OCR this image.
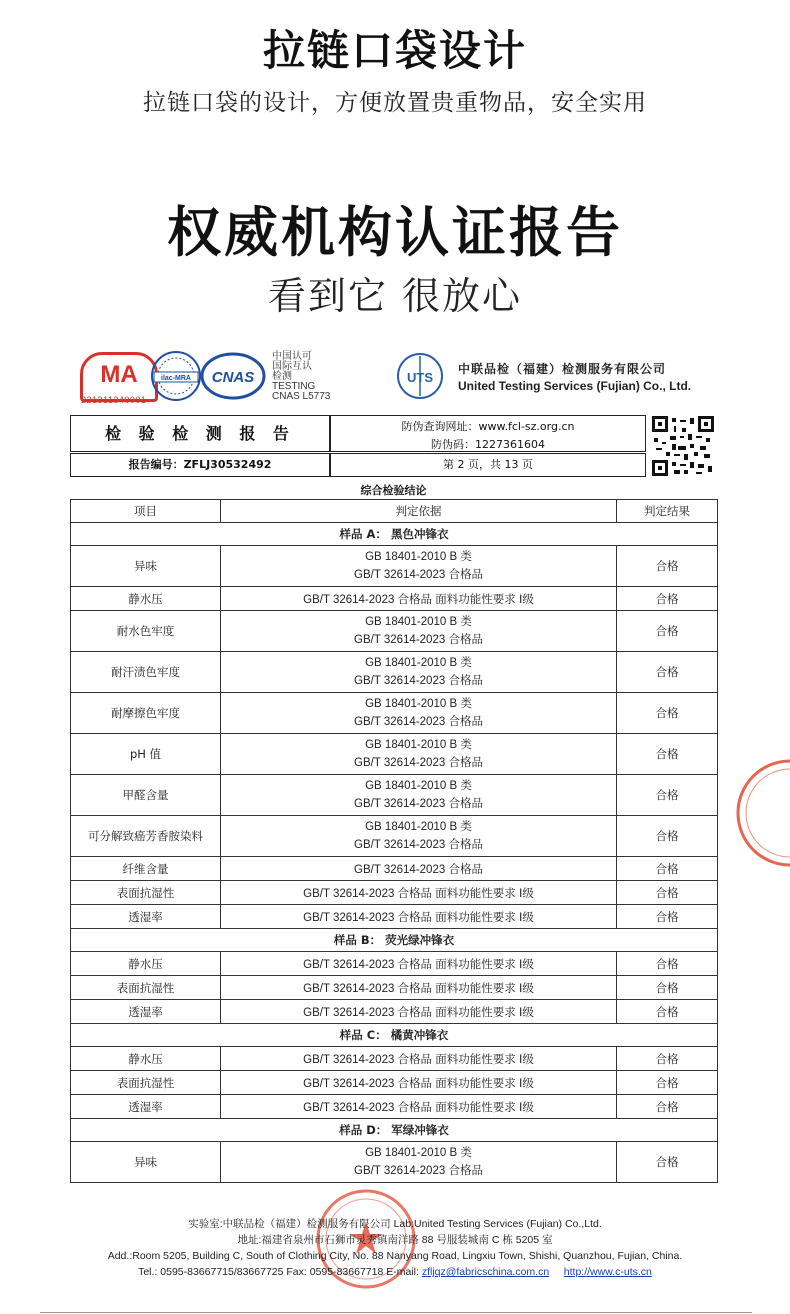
拉链口袋设计
拉链口袋的设计，方便放置贵重物品，安全实用
权威机构认证报告
看到它 很放心
MA
221311340001
ilac-MRA CNAS
中国认可
国际互认
检测
TESTING
CNAS L5773
UTS
中联品检（福建）检测服务有限公司
United Testing Services (Fujian) Co., Ltd.
检 验 检 测 报 告	防伪查询网址：www.fcl-sz.org.cn
防伪码：1227361604
报告编号：ZFLJ30532492	第 2 页，共 13 页
综合检验结论
项目	判定依据	判定结果
样品 A： 黑色冲锋衣		
异味	GB 18401-2010 B 类
GB/T 32614-2023 合格品	合格
静水压	GB/T 32614-2023 合格品 面料功能性要求 Ⅰ级	合格
耐水色牢度	GB 18401-2010 B 类
GB/T 32614-2023 合格品	合格
耐汗渍色牢度	GB 18401-2010 B 类
GB/T 32614-2023 合格品	合格
耐摩擦色牢度	GB 18401-2010 B 类
GB/T 32614-2023 合格品	合格
pH 值	GB 18401-2010 B 类
GB/T 32614-2023 合格品	合格
甲醛含量	GB 18401-2010 B 类
GB/T 32614-2023 合格品	合格
可分解致癌芳香胺染料	GB 18401-2010 B 类
GB/T 32614-2023 合格品	合格
纤维含量	GB/T 32614-2023 合格品	合格
表面抗湿性	GB/T 32614-2023 合格品 面料功能性要求 Ⅰ级	合格
透湿率	GB/T 32614-2023 合格品 面料功能性要求 Ⅰ级	合格
样品 B： 荧光绿冲锋衣		
静水压	GB/T 32614-2023 合格品 面料功能性要求 Ⅰ级	合格
表面抗湿性	GB/T 32614-2023 合格品 面料功能性要求 Ⅰ级	合格
透湿率	GB/T 32614-2023 合格品 面料功能性要求 Ⅰ级	合格
样品 C： 橘黄冲锋衣		
静水压	GB/T 32614-2023 合格品 面料功能性要求 Ⅰ级	合格
表面抗湿性	GB/T 32614-2023 合格品 面料功能性要求 Ⅰ级	合格
透湿率	GB/T 32614-2023 合格品 面料功能性要求 Ⅰ级	合格
样品 D： 军绿冲锋衣		
异味	GB 18401-2010 B 类
GB/T 32614-2023 合格品	合格
实验室:中联品检（福建）检测服务有限公司 Lab:United Testing Services (Fujian) Co.,Ltd.
地址:福建省泉州市石狮市灵秀镇南洋路 88 号服装城南 C 栋 5205 室
Add.:Room 5205, Building C, South of Clothing City, No. 88 Nanyang Road, Lingxiu Town, Shishi, Quanzhou, Fujian, China.
Tel.: 0595-83667715/83667725 Fax: 0595-83667718 E-mail: zfljqz@fabricschina.com.cn http://www.c-uts.cn
